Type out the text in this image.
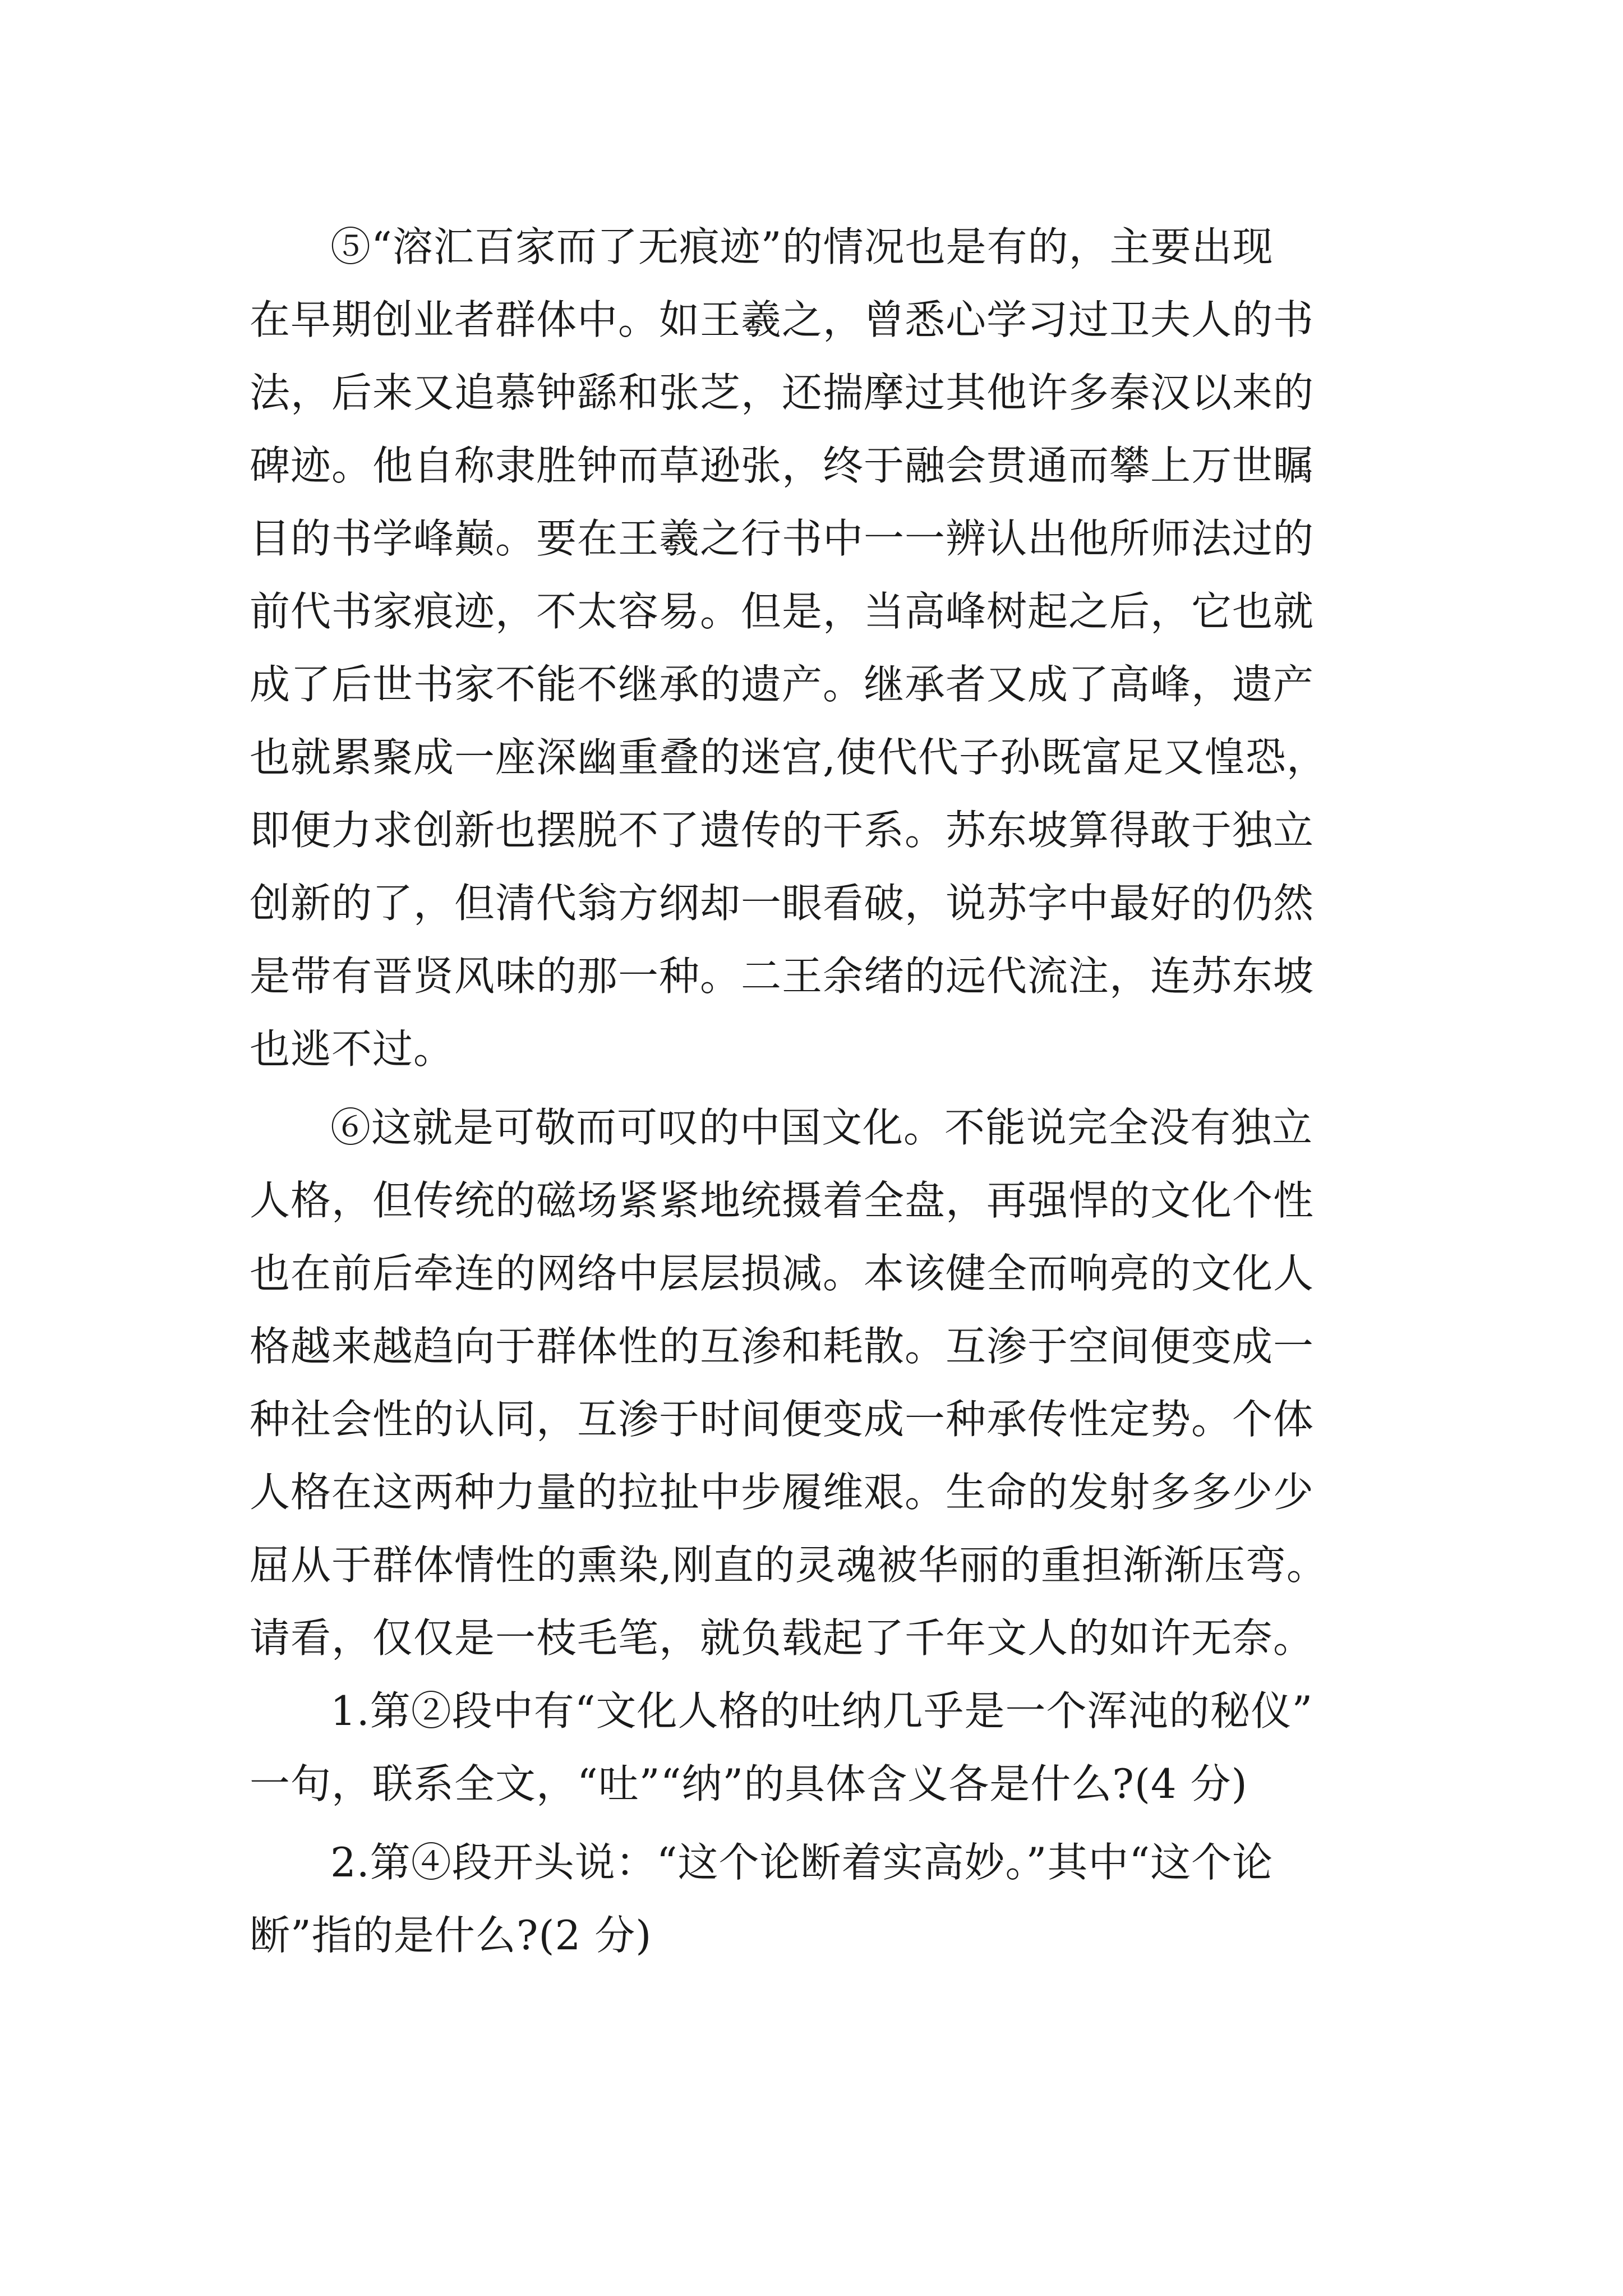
⑤“溶汇百家而了无痕迹”的情况也是有的，主要出现
在早期创业者群体中。如王羲之，曾悉心学习过卫夫人的书
法，后来又追慕钟繇和张芝，还揣摩过其他许多秦汉以来的
碑迹。他自称隶胜钟而草逊张，终于融会贯通而攀上万世瞩
目的书学峰巅。要在王羲之行书中一一辨认出他所师法过的
前代书家痕迹，不太容易。但是，当高峰树起之后，它也就
成了后世书家不能不继承的遗产。继承者又成了高峰，遗产
也就累聚成一座深幽重叠的迷宫,使代代子孙既富足又惶恐，
即便力求创新也摆脱不了遗传的干系。苏东坡算得敢于独立
创新的了，但清代翁方纲却一眼看破，说苏字中最好的仍然
是带有晋贤风味的那一种。二王余绪的远代流注，连苏东坡
也逃不过。
⑥这就是可敬而可叹的中国文化。不能说完全没有独立
人格，但传统的磁场紧紧地统摄着全盘，再强悍的文化个性
也在前后牵连的网络中层层损减。本该健全而响亮的文化人
格越来越趋向于群体性的互渗和耗散。互渗于空间便变成一
种社会性的认同，互渗于时间便变成一种承传性定势。个体
人格在这两种力量的拉扯中步履维艰。生命的发射多多少少
屈从于群体情性的熏染,刚直的灵魂被华丽的重担渐渐压弯。
请看，仅仅是一枝毛笔，就负载起了千年文人的如许无奈。
1.第②段中有“文化人格的吐纳几乎是一个浑沌的秘仪”
一句，联系全文，“吐”“纳”的具体含义各是什么?(4 分)
2.第④段开头说：“这个论断着实高妙。”其中“这个论
断”指的是什么?(2 分)
